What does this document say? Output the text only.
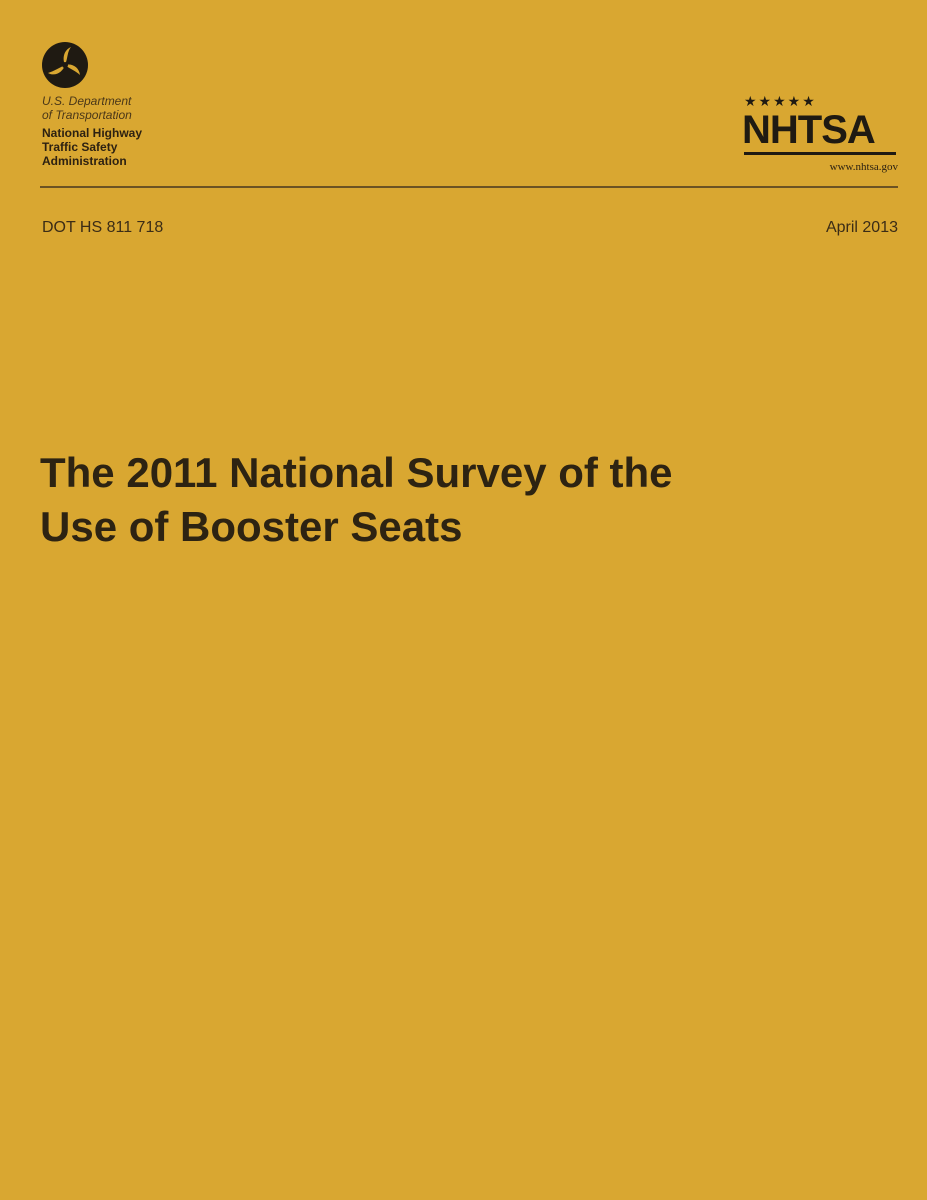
U.S. Department
of Transportation
National Highway
Traffic Safety
Administration
★★★★★
NHTSA
www.nhtsa.gov
DOT HS 811 718	April 2013
The 2011 National Survey of the
Use of Booster Seats
